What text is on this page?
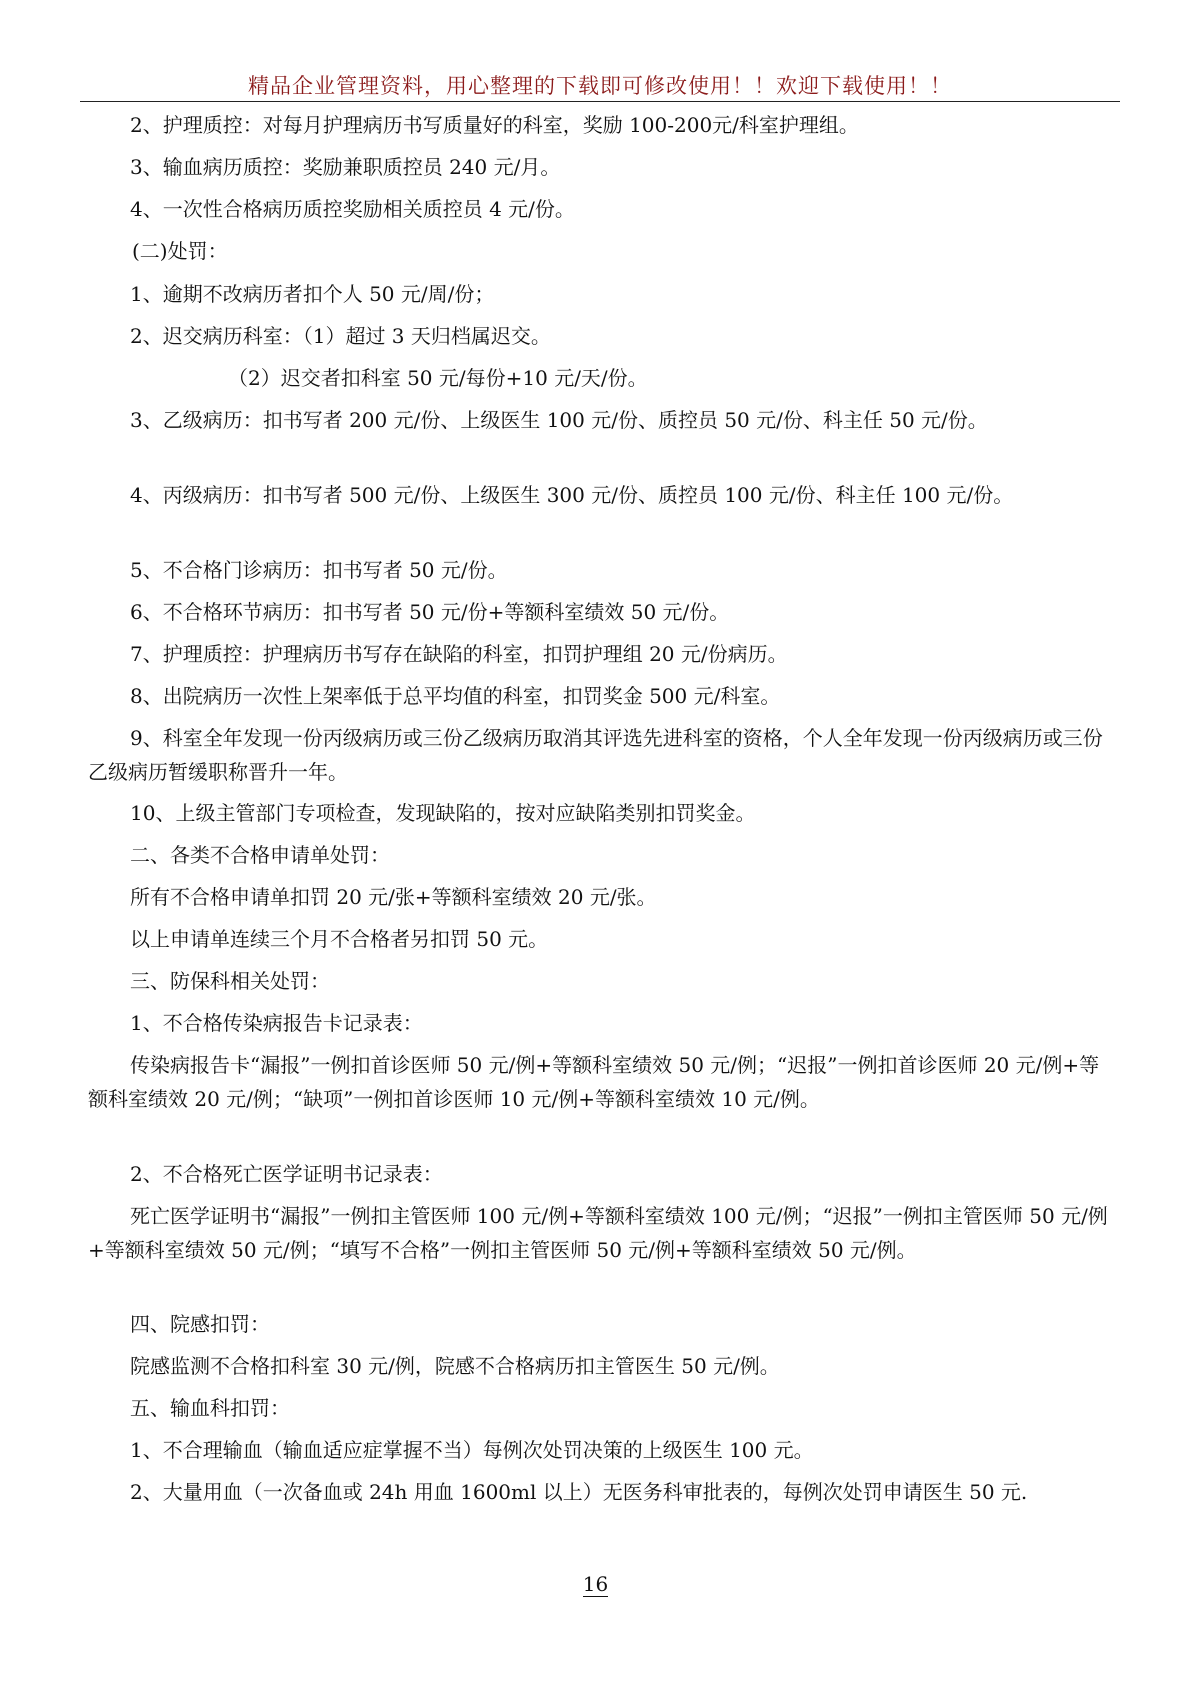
精品企业管理资料，用心整理的下载即可修改使用！！欢迎下载使用！！
2、护理质控：对每月护理病历书写质量好的科室，奖励 100-200元/科室护理组。
3、输血病历质控：奖励兼职质控员 240 元/月。
4、一次性合格病历质控奖励相关质控员 4 元/份。
(二)处罚：
1、逾期不改病历者扣个人 50 元/周/份；
2、迟交病历科室：（1）超过 3 天归档属迟交。
（2）迟交者扣科室 50 元/每份+10 元/天/份。
3、乙级病历：扣书写者 200 元/份、上级医生 100 元/份、质控员 50 元/份、科主任 50 元/份。
4、丙级病历：扣书写者 500 元/份、上级医生 300 元/份、质控员 100 元/份、科主任 100 元/份。
5、不合格门诊病历：扣书写者 50 元/份。
6、不合格环节病历：扣书写者 50 元/份+等额科室绩效 50 元/份。
7、护理质控：护理病历书写存在缺陷的科室，扣罚护理组 20 元/份病历。
8、出院病历一次性上架率低于总平均值的科室，扣罚奖金 500 元/科室。
9、科室全年发现一份丙级病历或三份乙级病历取消其评选先进科室的资格，个人全年发现一份丙级病历或三份乙级病历暂缓职称晋升一年。
10、上级主管部门专项检查，发现缺陷的，按对应缺陷类别扣罚奖金。
二、各类不合格申请单处罚：
所有不合格申请单扣罚 20 元/张+等额科室绩效 20 元/张。
以上申请单连续三个月不合格者另扣罚 50 元。
三、防保科相关处罚：
1、不合格传染病报告卡记录表：
传染病报告卡“漏报”一例扣首诊医师 50 元/例+等额科室绩效 50 元/例；“迟报”一例扣首诊医师 20 元/例+等额科室绩效 20 元/例；“缺项”一例扣首诊医师 10 元/例+等额科室绩效 10 元/例。
2、不合格死亡医学证明书记录表：
死亡医学证明书“漏报”一例扣主管医师 100 元/例+等额科室绩效 100 元/例；“迟报”一例扣主管医师 50 元/例+等额科室绩效 50 元/例；“填写不合格”一例扣主管医师 50 元/例+等额科室绩效 50 元/例。
四、院感扣罚：
院感监测不合格扣科室 30 元/例，院感不合格病历扣主管医生 50 元/例。
五、输血科扣罚：
1、不合理输血（输血适应症掌握不当）每例次处罚决策的上级医生 100 元。
2、大量用血（一次备血或 24h 用血 1600ml 以上）无医务科审批表的，每例次处罚申请医生 50 元.
16
